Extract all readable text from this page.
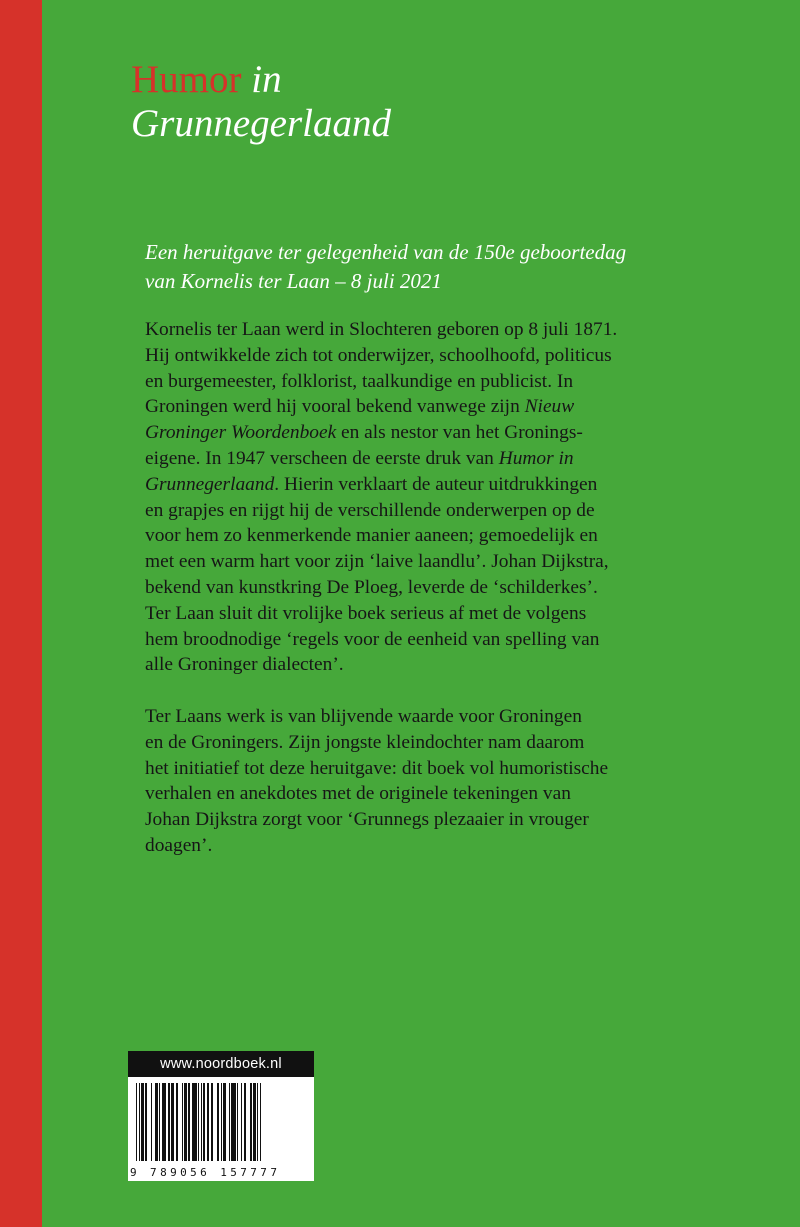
Humor in
Grunnegerlaand
Een heruitgave ter gelegenheid van de 150e geboortedag
van Kornelis ter Laan – 8 juli 2021
Kornelis ter Laan werd in Slochteren geboren op 8 juli 1871.
Hij ontwikkelde zich tot onderwijzer, schoolhoofd, politicus
en burgemeester, folklorist, taalkundige en publicist. In
Groningen werd hij vooral bekend vanwege zijn Nieuw
Groninger Woordenboek en als nestor van het Gronings-
eigene. In 1947 verscheen de eerste druk van Humor in
Grunnegerlaand. Hierin verklaart de auteur uitdrukkingen
en grapjes en rijgt hij de verschillende onderwerpen op de
voor hem zo kenmerkende manier aaneen; gemoedelijk en
met een warm hart voor zijn ‘laive laandlu’. Johan Dijkstra,
bekend van kunstkring De Ploeg, leverde de ‘schilderkes’.
Ter Laan sluit dit vrolijke boek serieus af met de volgens
hem broodnodige ‘regels voor de eenheid van spelling van
alle Groninger dialecten’.
Ter Laans werk is van blijvende waarde voor Groningen
en de Groningers. Zijn jongste kleindochter nam daarom
het initiatief tot deze heruitgave: dit boek vol humoristische
verhalen en anekdotes met de originele tekeningen van
Johan Dijkstra zorgt voor ‘Grunnegs plezaaier in vrouger
doagen’.
www.noordboek.nl
9 789056 157777
